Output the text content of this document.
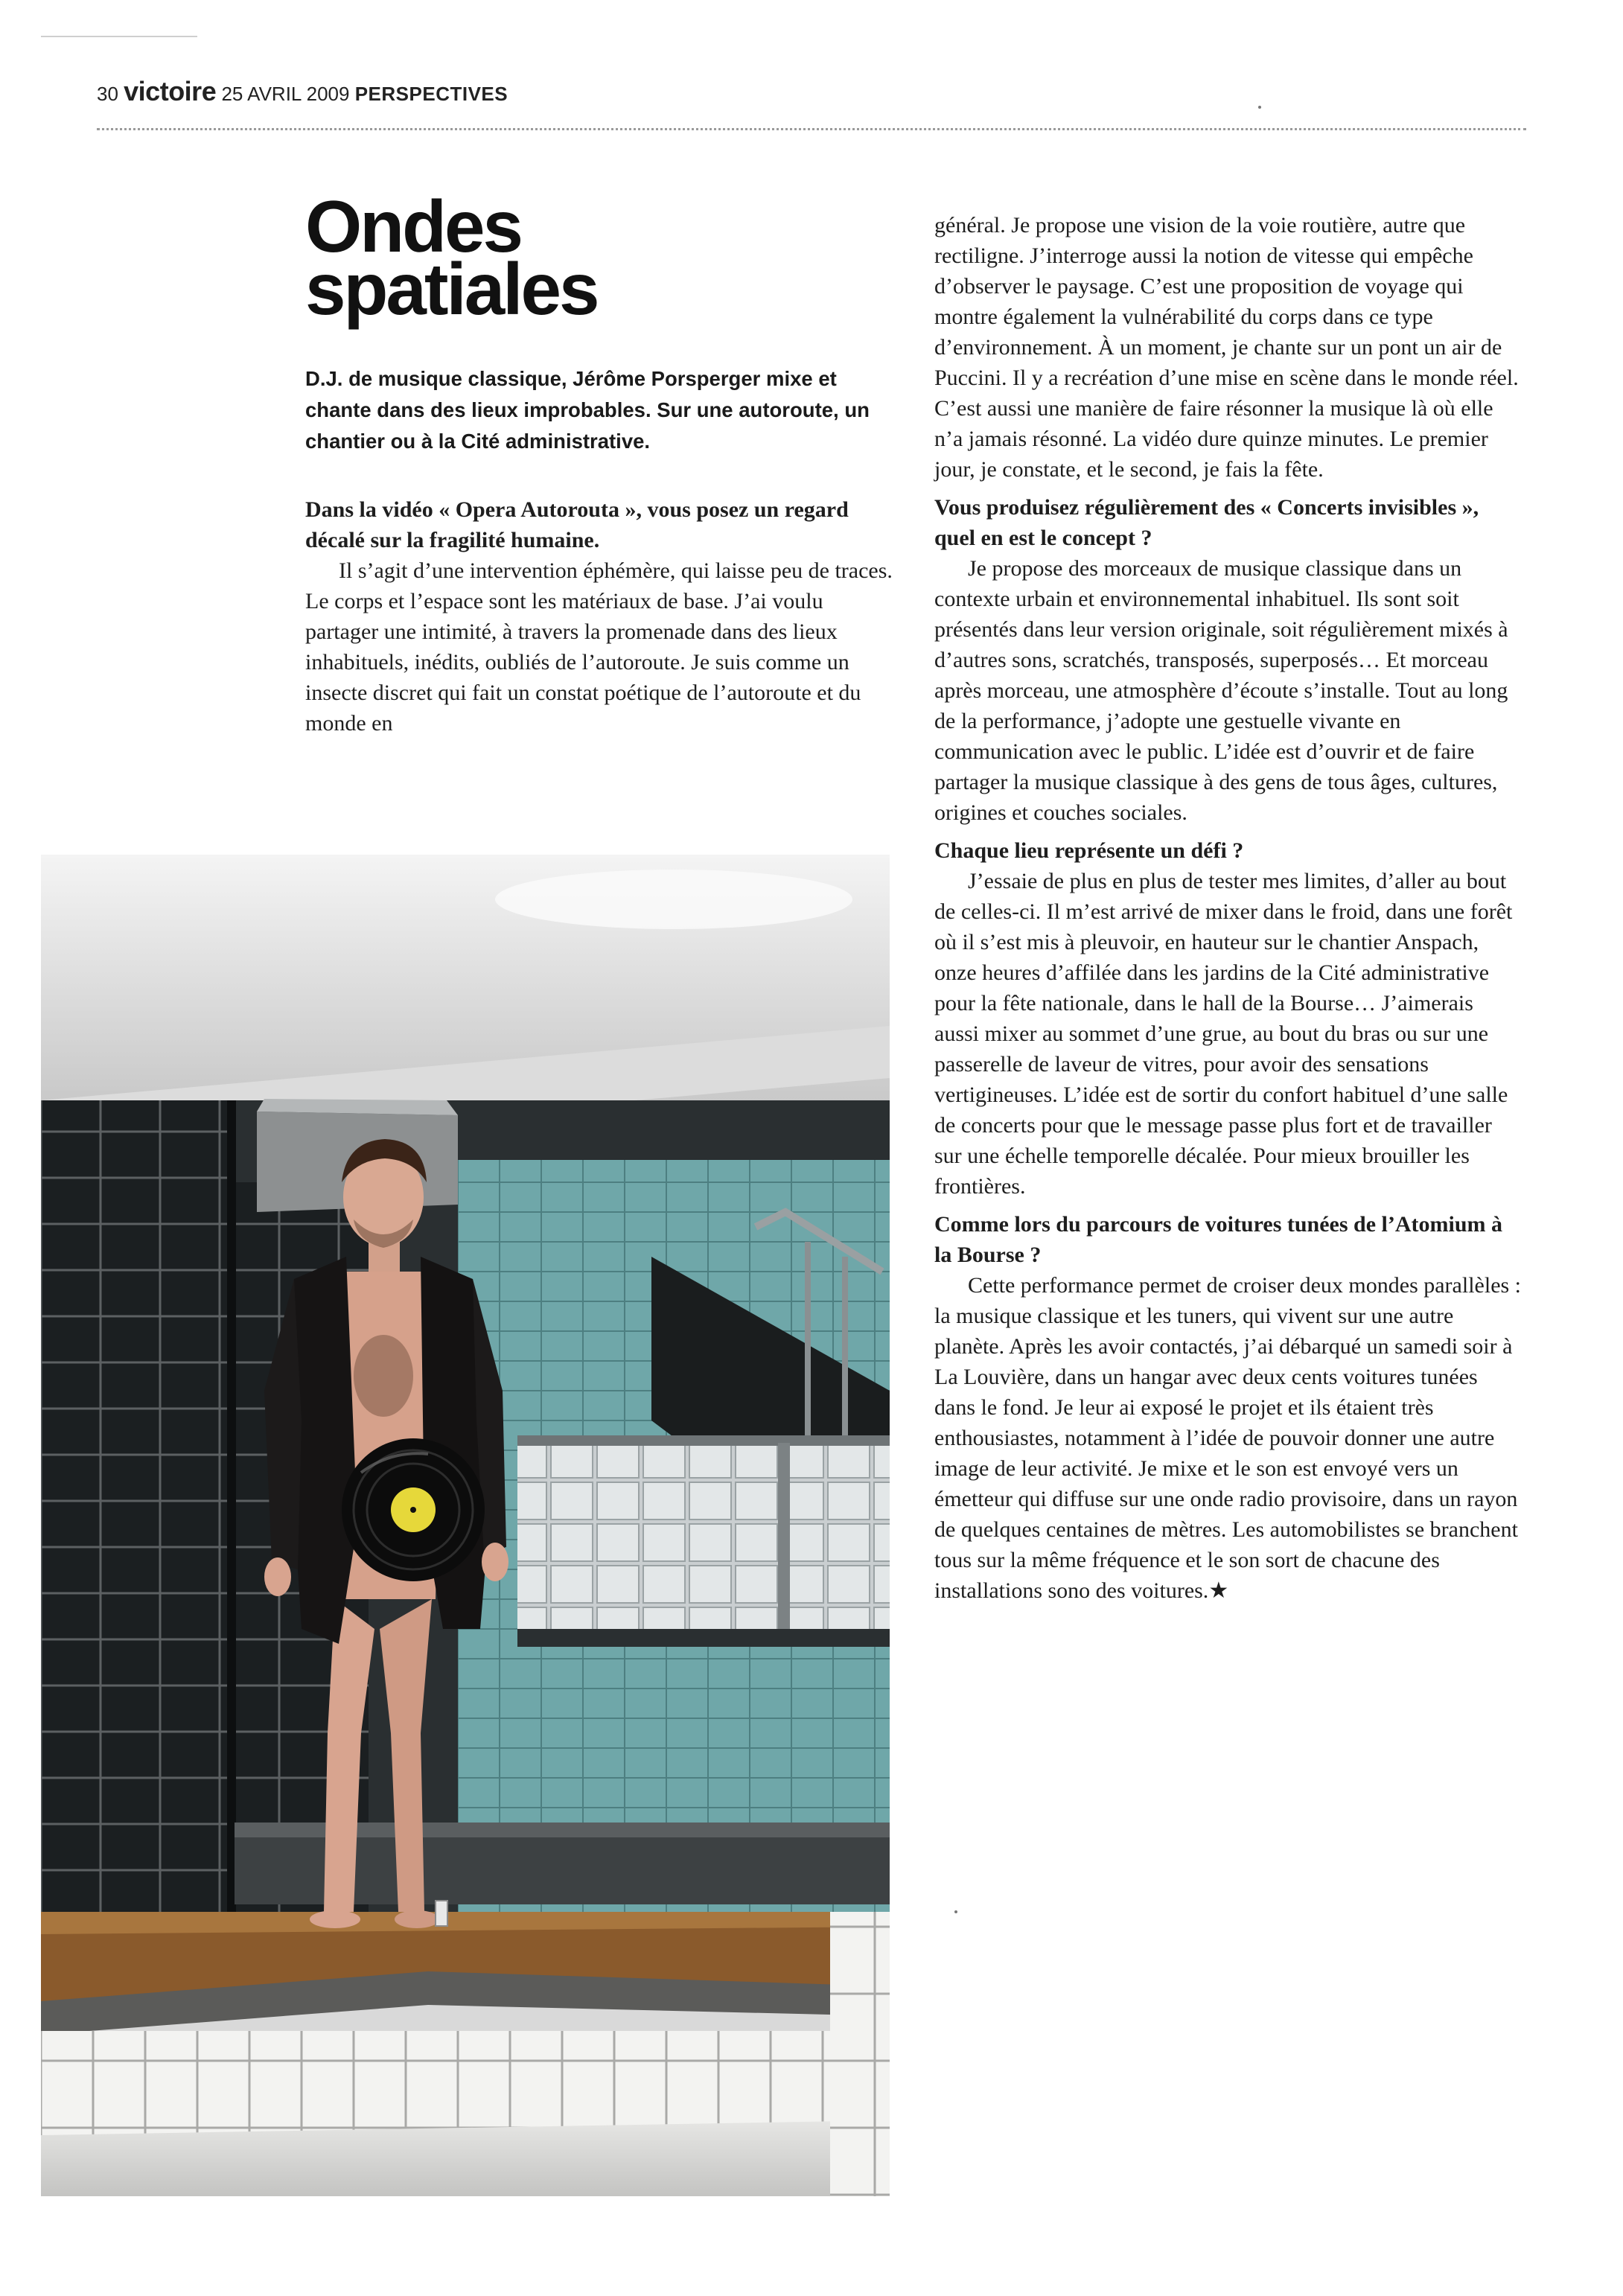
30 victoire 25 AVRIL 2009 PERSPECTIVES
Ondes
spatiales
D.J. de musique classique, Jérôme Porsperger mixe et chante dans des lieux improbables. Sur une autoroute, un chantier ou à la Cité administrative.

Dans la vidéo « Opera Autorouta », vous posez un regard décalé sur la fragilité humaine.

Il s’agit d’une intervention éphémère, qui laisse peu de traces. Le corps et l’espace sont les matériaux de base. J’ai voulu partager une intimité, à travers la promenade dans des lieux inhabituels, inédits, oubliés de l’autoroute. Je suis comme un insecte discret qui fait un constat poétique de l’autoroute et du monde en

général. Je propose une vision de la voie routière, autre que rectiligne. J’interroge aussi la notion de vitesse qui empêche d’observer le paysage. C’est une proposition de voyage qui montre également la vulnérabilité du corps dans ce type d’environnement. À un moment, je chante sur un pont un air de Puccini. Il y a recréation d’une mise en scène dans le monde réel. C’est aussi une manière de faire résonner la musique là où elle n’a jamais résonné. La vidéo dure quinze minutes. Le premier jour, je constate, et le second, je fais la fête.

Vous produisez régulièrement des « Concerts invisibles », quel en est le concept ?

Je propose des morceaux de musique classique dans un contexte urbain et environnemental inhabituel. Ils sont soit présentés dans leur version originale, soit régulièrement mixés à d’autres sons, scratchés, transposés, superposés… Et morceau après morceau, une atmosphère d’écoute s’installe. Tout au long de la performance, j’adopte une gestuelle vivante en communication avec le public. L’idée est d’ouvrir et de faire partager la musique classique à des gens de tous âges, cultures, origines et couches sociales.

Chaque lieu représente un défi ?

J’essaie de plus en plus de tester mes limites, d’aller au bout de celles-ci. Il m’est arrivé de mixer dans le froid, dans une forêt où il s’est mis à pleuvoir, en hauteur sur le chantier Anspach, onze heures d’affilée dans les jardins de la Cité administrative pour la fête nationale, dans le hall de la Bourse… J’aimerais aussi mixer au sommet d’une grue, au bout du bras ou sur une passerelle de laveur de vitres, pour avoir des sensations vertigineuses. L’idée est de sortir du confort habituel d’une salle de concerts pour que le message passe plus fort et de travailler sur une échelle temporelle décalée. Pour mieux brouiller les frontières.

Comme lors du parcours de voitures tunées de l’Atomium à la Bourse ?

Cette performance permet de croiser deux mondes parallèles : la musique classique et les tuners, qui vivent sur une autre planète. Après les avoir contactés, j’ai débarqué un samedi soir à La Louvière, dans un hangar avec deux cents voitures tunées dans le fond. Je leur ai exposé le projet et ils étaient très enthousiastes, notamment à l’idée de pouvoir donner une autre image de leur activité. Je mixe et le son est envoyé vers un émetteur qui diffuse sur une onde radio provisoire, dans un rayon de quelques centaines de mètres. Les automobilistes se branchent tous sur la même fréquence et le son sort de chacune des installations sono des voitures.★
